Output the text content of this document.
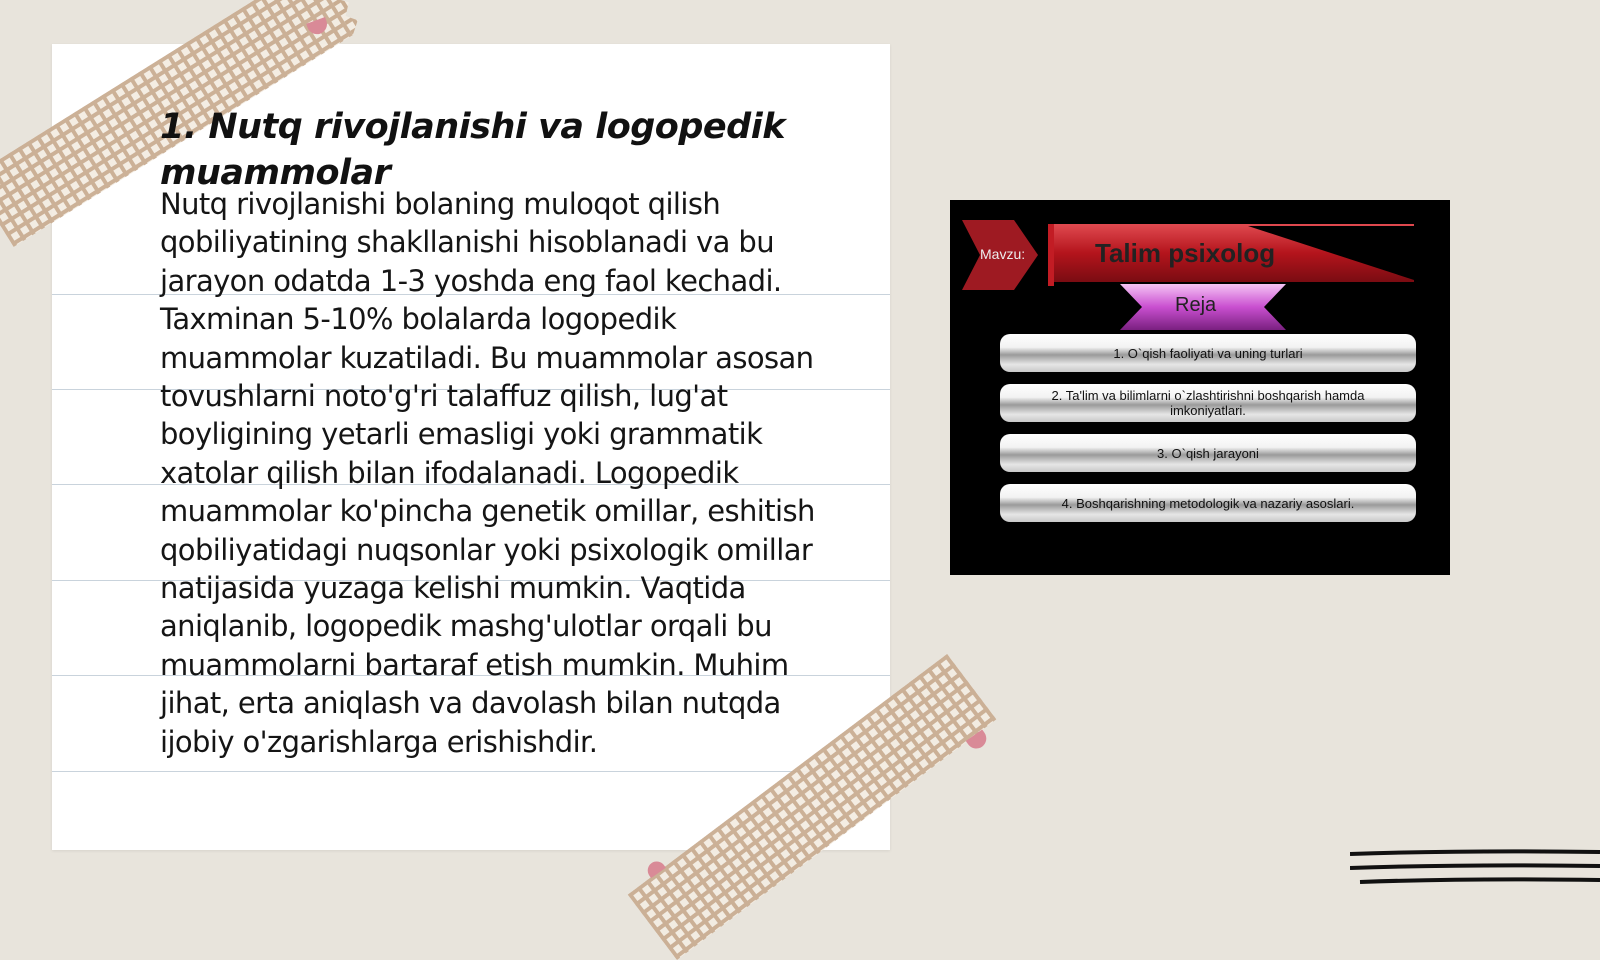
1. Nutq rivojlanishi va logopedik muammolar

Nutq rivojlanishi bolaning muloqot qilish qobiliyatining shakllanishi hisoblanadi va bu jarayon odatda 1-3 yoshda eng faol kechadi. Taxminan 5-10% bolalarda logopedik muammolar kuzatiladi. Bu muammolar asosan tovushlarni noto'g'ri talaffuz qilish, lug'at boyligining yetarli emasligi yoki grammatik xatolar qilish bilan ifodalanadi. Logopedik muammolar ko'pincha genetik omillar, eshitish qobiliyatidagi nuqsonlar yoki psixologik omillar natijasida yuzaga kelishi mumkin. Vaqtida aniqlanib, logopedik mashg'ulotlar orqali bu muammolarni bartaraf etish mumkin. Muhim jihat, erta aniqlash va davolash bilan nutqda ijobiy o'zgarishlarga erishishdir.

Mavzu:	Talim psixolog
Reja
1. O`qish faoliyati va uning turlari
2. Ta'lim va bilimlarni o`zlashtirishni boshqarish hamda imkoniyatlari.
3. O`qish jarayoni
4. Boshqarishning metodologik va nazariy asoslari.
